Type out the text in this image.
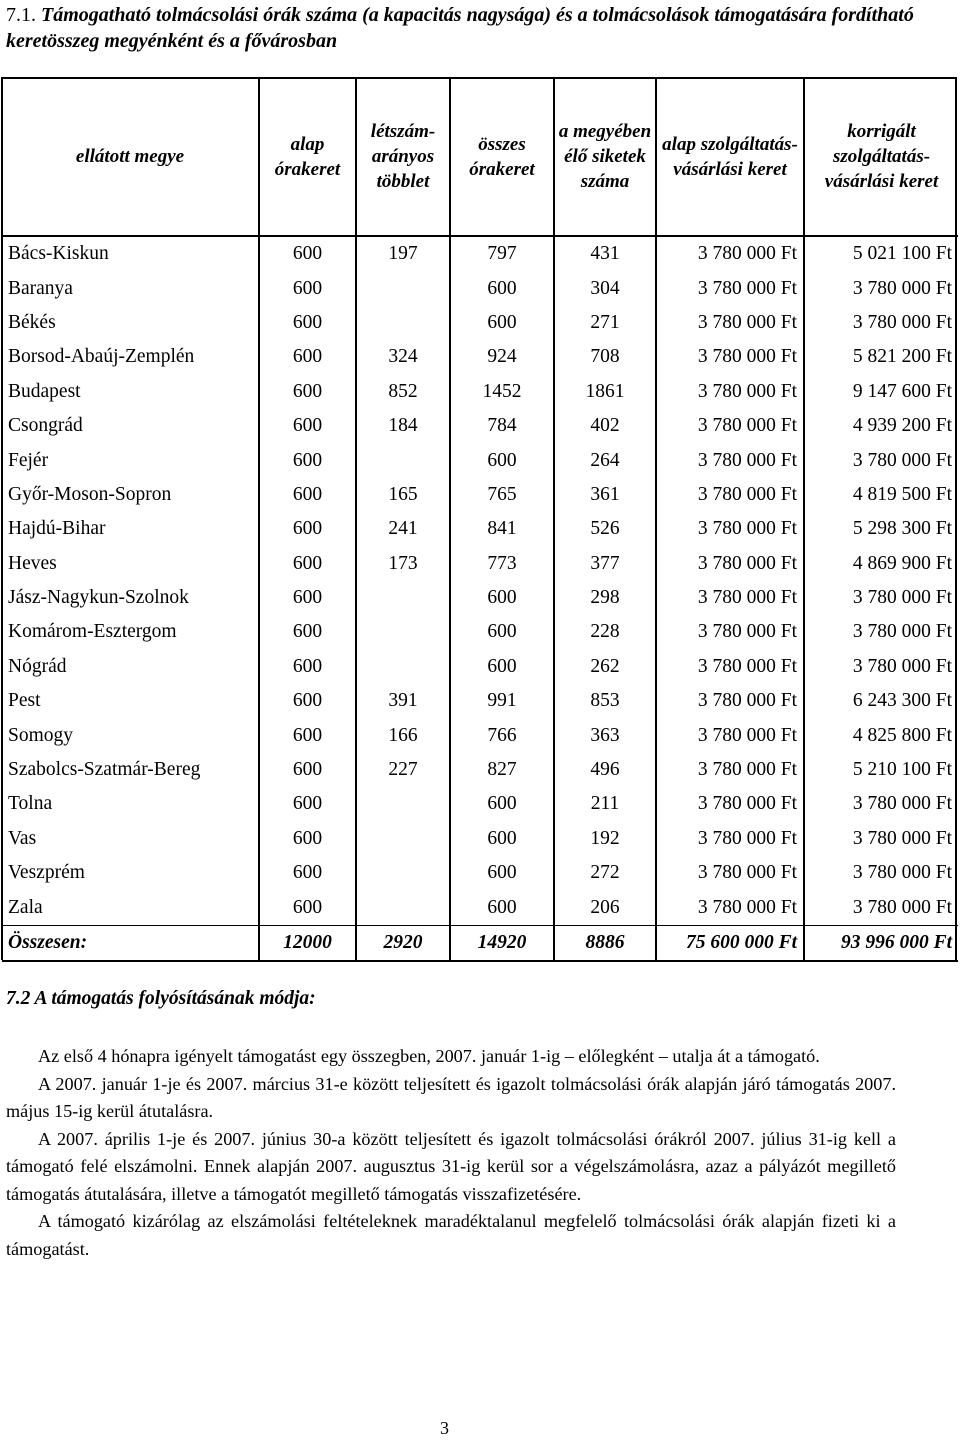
7.1. Támogatható tolmácsolási órák száma (a kapacitás nagysága) és a tolmácsolások támogatására fordítható keretösszeg megyénként és a fővárosban
ellátott megye	alap órakeret	létszám-arányos többlet	összes órakeret	a megyében élő siketek száma	alap szolgáltatás-vásárlási keret	korrigált szolgáltatás-vásárlási keret
Bács-Kiskun	600	197	797	431	3 780 000 Ft	5 021 100 Ft
Baranya	600		600	304	3 780 000 Ft	3 780 000 Ft
Békés	600		600	271	3 780 000 Ft	3 780 000 Ft
Borsod-Abaúj-Zemplén	600	324	924	708	3 780 000 Ft	5 821 200 Ft
Budapest	600	852	1452	1861	3 780 000 Ft	9 147 600 Ft
Csongrád	600	184	784	402	3 780 000 Ft	4 939 200 Ft
Fejér	600		600	264	3 780 000 Ft	3 780 000 Ft
Győr-Moson-Sopron	600	165	765	361	3 780 000 Ft	4 819 500 Ft
Hajdú-Bihar	600	241	841	526	3 780 000 Ft	5 298 300 Ft
Heves	600	173	773	377	3 780 000 Ft	4 869 900 Ft
Jász-Nagykun-Szolnok	600		600	298	3 780 000 Ft	3 780 000 Ft
Komárom-Esztergom	600		600	228	3 780 000 Ft	3 780 000 Ft
Nógrád	600		600	262	3 780 000 Ft	3 780 000 Ft
Pest	600	391	991	853	3 780 000 Ft	6 243 300 Ft
Somogy	600	166	766	363	3 780 000 Ft	4 825 800 Ft
Szabolcs-Szatmár-Bereg	600	227	827	496	3 780 000 Ft	5 210 100 Ft
Tolna	600		600	211	3 780 000 Ft	3 780 000 Ft
Vas	600		600	192	3 780 000 Ft	3 780 000 Ft
Veszprém	600		600	272	3 780 000 Ft	3 780 000 Ft
Zala	600		600	206	3 780 000 Ft	3 780 000 Ft
Összesen:	12000	2920	14920	8886	75 600 000 Ft	93 996 000 Ft
7.2 A támogatás folyósításának módja:

Az első 4 hónapra igényelt támogatást egy összegben, 2007. január 1-ig – előlegként – utalja át a támogató.

A 2007. január 1-je és 2007. március 31-e között teljesített és igazolt tolmácsolási órák alapján járó támogatás 2007. május 15-ig kerül átutalásra.

A 2007. április 1-je és 2007. június 30-a között teljesített és igazolt tolmácsolási órákról 2007. július 31-ig kell a támogató felé elszámolni. Ennek alapján 2007. augusztus 31-ig kerül sor a végelszámolásra, azaz a pályázót megillető támogatás átutalására, illetve a támogatót megillető támogatás visszafizetésére.

A támogató kizárólag az elszámolási feltételeknek maradéktalanul megfelelő tolmácsolási órák alapján fizeti ki a támogatást.

3
